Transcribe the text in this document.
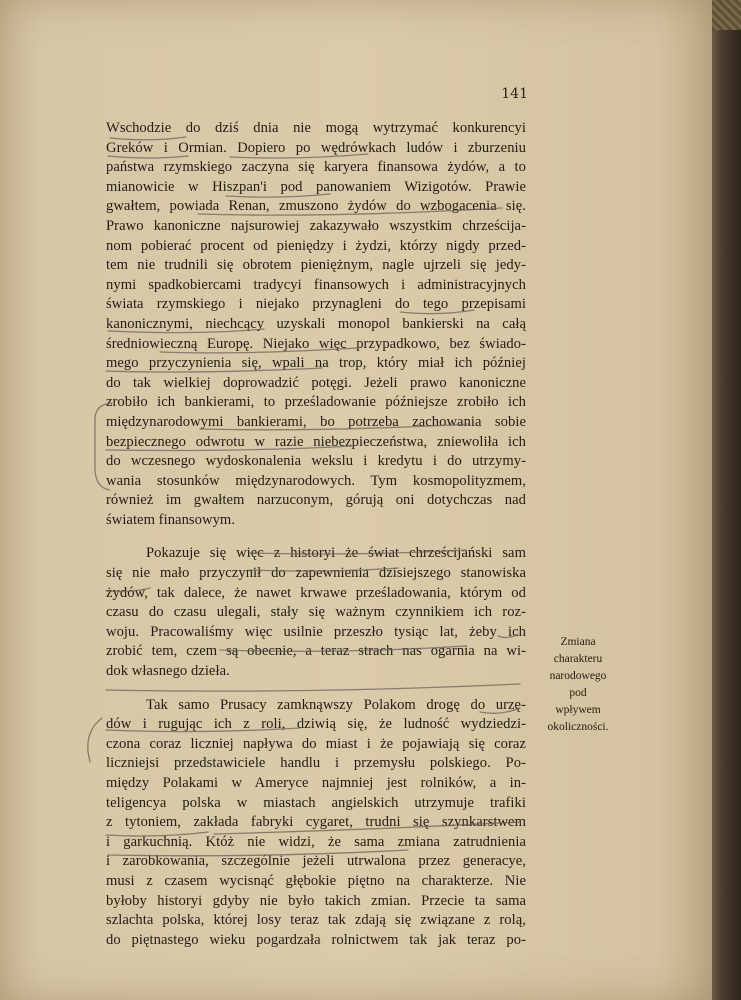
141
Wschodzie do dziś dnia nie mogą wytrzymać konkurencyi
Greków i Ormian. Dopiero po wędrówkach ludów i zburzeniu
państwa rzymskiego zaczyna się karyera finansowa żydów, a to
mianowicie w Hiszpan'i pod panowaniem Wizigotów. Prawie
gwałtem, powiada Renan, zmuszono żydów do wzbogacenia się.
Prawo kanoniczne najsurowiej zakazywało wszystkim chrześcija-
nom pobierać procent od pieniędzy i żydzi, którzy nigdy przed-
tem nie trudnili się obrotem pieniężnym, nagle ujrzeli się jedy-
nymi spadkobiercami tradycyi finansowych i administracyjnych
świata rzymskiego i niejako przynagleni do tego przepisami
kanonicznymi, niechcący uzyskali monopol bankierski na całą
średniowieczną Europę. Niejako więc przypadkowo, bez świado-
mego przyczynienia się, wpali na trop, który miał ich później
do tak wielkiej doprowadzić potęgi. Jeżeli prawo kanoniczne
zrobiło ich bankierami, to prześladowanie późniejsze zrobiło ich
międzynarodowymi bankierami, bo potrzeba zachowania sobie
bezpiecznego odwrotu w razie niebezpieczeństwa, zniewoliła ich
do wczesnego wydoskonalenia wekslu i kredytu i do utrzymy-
wania stosunków międzynarodowych. Tym kosmopolityzmem,
również im gwałtem narzuconym, górują oni dotychczas nad
światem finansowym.
Pokazuje się więc z historyi że świat chrześcijański sam
się nie mało przyczynił do zapewnienia dzisiejszego stanowiska
żydów, tak dalece, że nawet krwawe prześladowania, którym od
czasu do czasu ulegali, stały się ważnym czynnikiem ich roz-
woju. Pracowaliśmy więc usilnie przeszło tysiąc lat, żeby ich
zrobić tem, czem są obecnie, a teraz strach nas ogarnia na wi-
dok własnego dzieła.
Tak samo Prusacy zamknąwszy Polakom drogę do urzę-
dów i rugując ich z roli, dziwią się, że ludność wydziedzi-
czona coraz liczniej napływa do miast i że pojawiają się coraz
liczniejsi przedstawiciele handlu i przemysłu polskiego. Po-
między Polakami w Ameryce najmniej jest rolników, a in-
teligencya polska w miastach angielskich utrzymuje trafiki
z tytoniem, zakłada fabryki cygaret, trudni się szynkarstwem
i garkuchnią. Któż nie widzi, że sama zmiana zatrudnienia
i zarobkowania, szczególnie jeżeli utrwalona przez generacye,
musi z czasem wycisnąć głębokie piętno na charakterze. Nie
byłoby historyi gdyby nie było takich zmian. Przecie ta sama
szlachta polska, której losy teraz tak zdają się związane z rolą,
do piętnastego wieku pogardzała rolnictwem tak jak teraz po-
Zmiana
charakteru
narodowego
pod
wpływem
okoliczności.
